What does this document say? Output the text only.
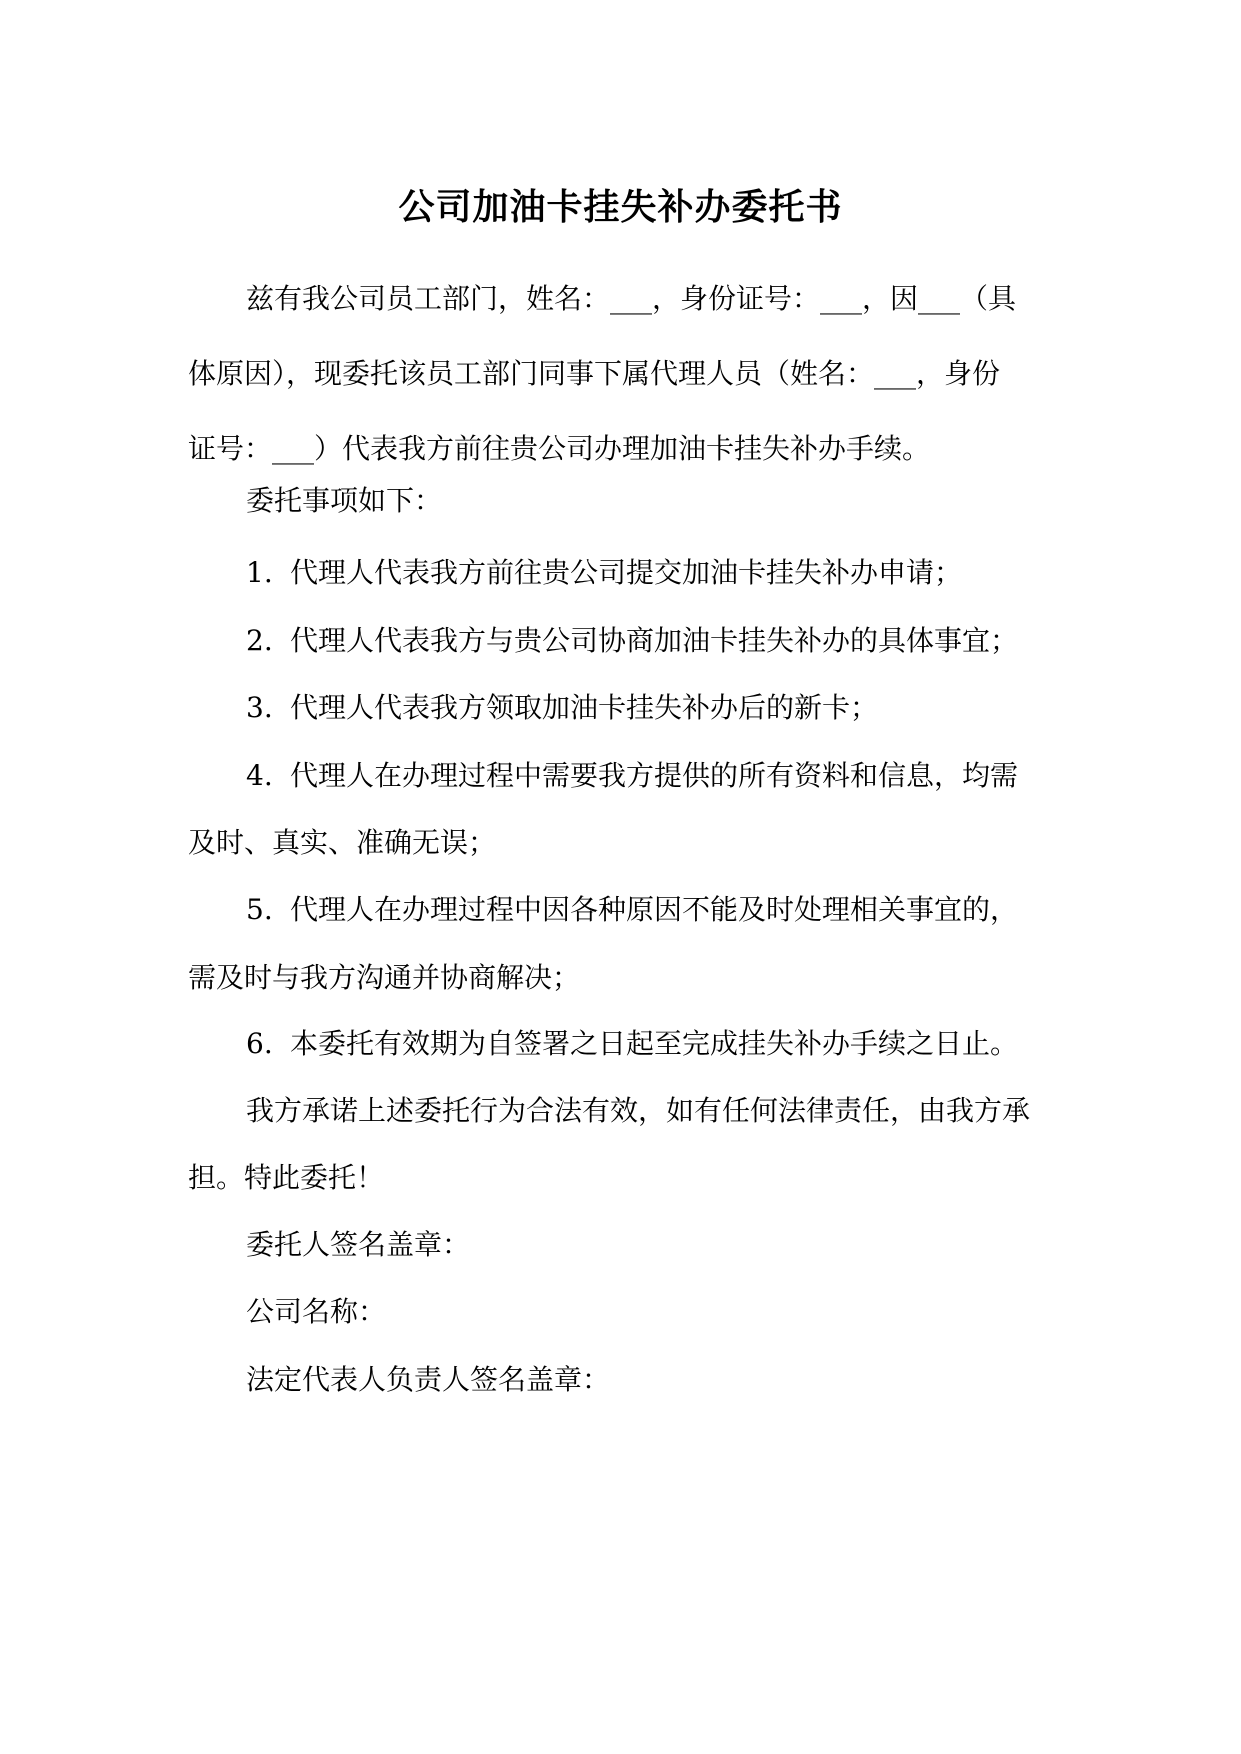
公司加油卡挂失补办委托书
兹有我公司员工部门，姓名：___，身份证号：___，因___（具
体原因），现委托该员工部门同事下属代理人员（姓名：___，身份
证号：___）代表我方前往贵公司办理加油卡挂失补办手续。
委托事项如下：
1. 代理人代表我方前往贵公司提交加油卡挂失补办申请；
2. 代理人代表我方与贵公司协商加油卡挂失补办的具体事宜；
3. 代理人代表我方领取加油卡挂失补办后的新卡；
4. 代理人在办理过程中需要我方提供的所有资料和信息，均需
及时、真实、准确无误；
5. 代理人在办理过程中因各种原因不能及时处理相关事宜的，
需及时与我方沟通并协商解决；
6. 本委托有效期为自签署之日起至完成挂失补办手续之日止。
我方承诺上述委托行为合法有效，如有任何法律责任，由我方承
担。特此委托！
委托人签名盖章：
公司名称：
法定代表人负责人签名盖章：
